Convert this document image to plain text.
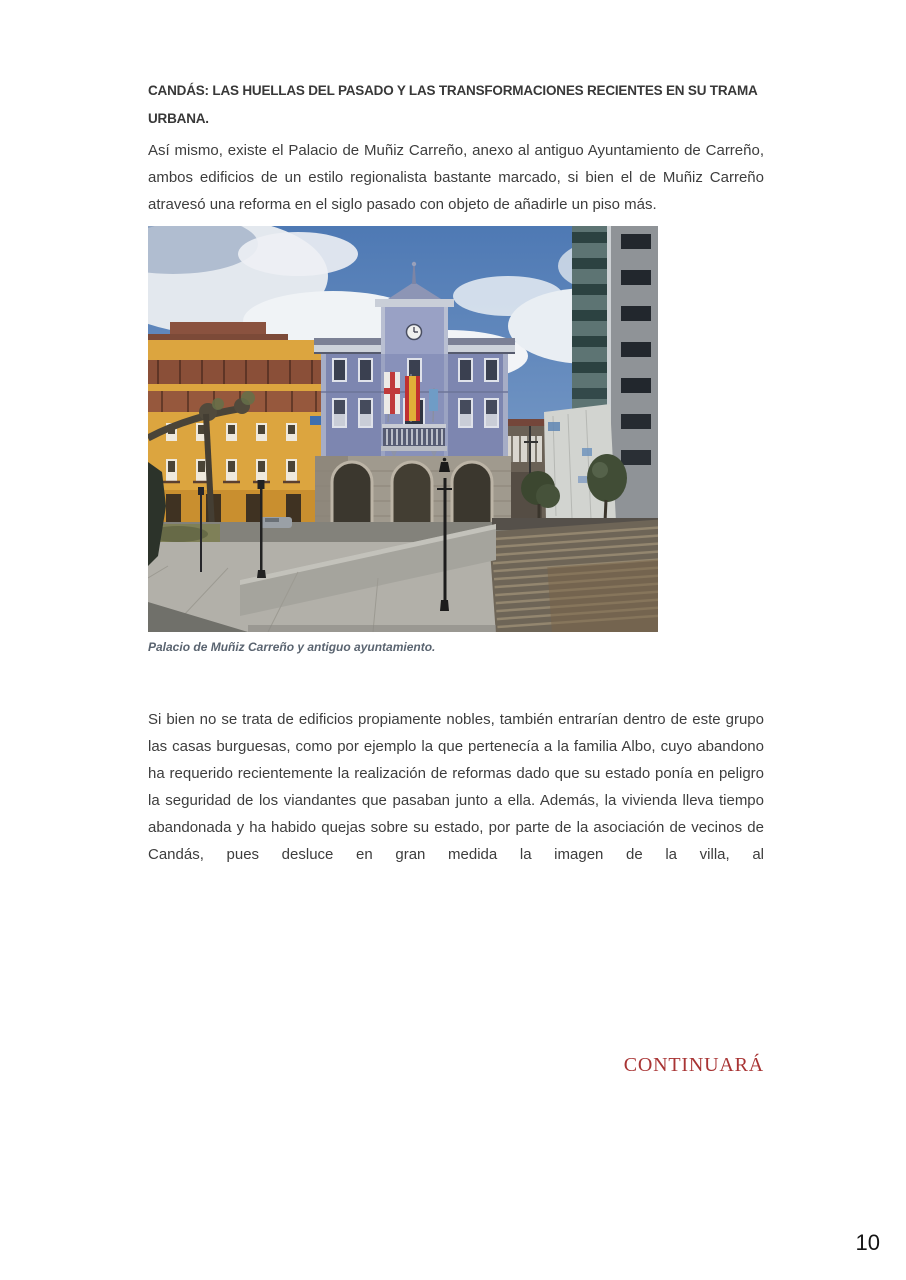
CANDÁS: LAS HUELLAS DEL PASADO Y LAS TRANSFORMACIONES RECIENTES EN SU TRAMA URBANA.

Así mismo, existe el Palacio de Muñiz Carreño, anexo al antiguo Ayuntamiento de Carreño, ambos edificios de un estilo regionalista bastante marcado, si bien el de Muñiz Carreño atravesó una reforma en el siglo pasado con objeto de añadirle un piso más.

Palacio de Muñiz Carreño y antiguo ayuntamiento.

Si bien no se trata de edificios propiamente nobles, también entrarían dentro de este grupo las casas burguesas, como por ejemplo la que pertenecía a la familia Albo, cuyo abandono ha requerido recientemente la realización de reformas dado que su estado ponía en peligro la seguridad de los viandantes que pasaban junto a ella. Además, la vivienda lleva tiempo abandonada y ha habido quejas sobre su estado, por parte de la asociación de vecinos de Candás, pues desluce en gran medida la imagen de la villa, al

CONTINUARÁ
10
